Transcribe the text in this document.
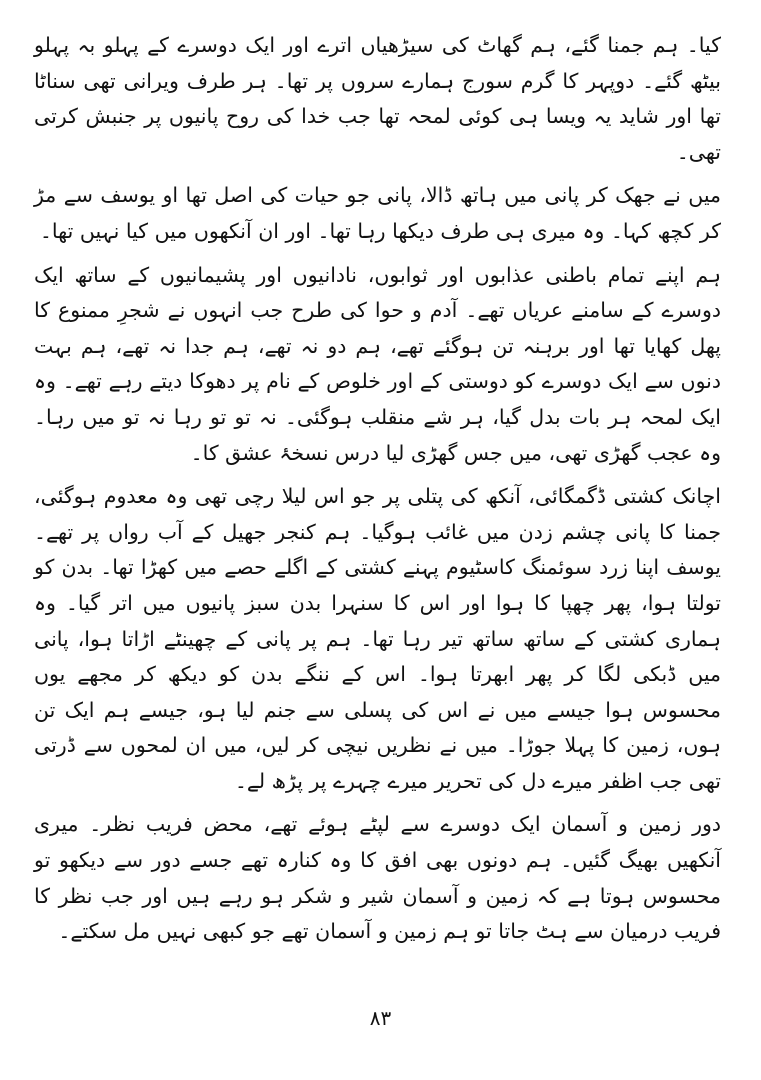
کیا۔ ہم جمنا گئے، ہم گھاٹ کی سیڑھیاں اترے اور ایک دوسرے کے پہلو بہ پہلو بیٹھ گئے۔ دوپہر کا گرم سورج ہمارے سروں پر تھا۔ ہر طرف ویرانی تھی سناٹا تھا اور شاید یہ ویسا ہی کوئی لمحہ تھا جب خدا کی روح پانیوں پر جنبش کرتی تھی۔

میں نے جھک کر پانی میں ہاتھ ڈالا، پانی جو حیات کی اصل تھا او یوسف سے مڑ کر کچھ کہا۔ وہ میری ہی طرف دیکھا رہا تھا۔ اور ان آنکھوں میں کیا نہیں تھا۔

ہم اپنے تمام باطنی عذابوں اور ثوابوں، نادانیوں اور پشیمانیوں کے ساتھ ایک دوسرے کے سامنے عریاں تھے۔ آدم و حوا کی طرح جب انہوں نے شجرِ ممنوع کا پھل کھایا تھا اور برہنہ تن ہوگئے تھے، ہم دو نہ تھے، ہم جدا نہ تھے، ہم بہت دنوں سے ایک دوسرے کو دوستی کے اور خلوص کے نام پر دھوکا دیتے رہے تھے۔ وہ ایک لمحہ ہر بات بدل گیا، ہر شے منقلب ہوگئی۔ نہ تو تو رہا نہ تو میں رہا۔ وہ عجب گھڑی تھی، میں جس گھڑی لیا درس نسخۂ عشق کا۔

اچانک کشتی ڈگمگائی، آنکھ کی پتلی پر جو اس لیلا رچی تھی وہ معدوم ہوگئی، جمنا کا پانی چشم زدن میں غائب ہوگیا۔ ہم کنجر جھیل کے آب رواں پر تھے۔ یوسف اپنا زرد سوئمنگ کاسٹیوم پہنے کشتی کے اگلے حصے میں کھڑا تھا۔ بدن کو تولتا ہوا، پھر چھپا کا ہوا اور اس کا سنہرا بدن سبز پانیوں میں اتر گیا۔ وہ ہماری کشتی کے ساتھ ساتھ تیر رہا تھا۔ ہم پر پانی کے چھینٹے اڑاتا ہوا، پانی میں ڈبکی لگا کر پھر ابھرتا ہوا۔ اس کے ننگے بدن کو دیکھ کر مجھے یوں محسوس ہوا جیسے میں نے اس کی پسلی سے جنم لیا ہو، جیسے ہم ایک تن ہوں، زمین کا پہلا جوڑا۔ میں نے نظریں نیچی کر لیں، میں ان لمحوں سے ڈرتی تھی جب اظفر میرے دل کی تحریر میرے چہرے پر پڑھ لے۔

دور زمین و آسمان ایک دوسرے سے لپٹے ہوئے تھے، محض فریب نظر۔ میری آنکھیں بھیگ گئیں۔ ہم دونوں بھی افق کا وہ کنارہ تھے جسے دور سے دیکھو تو محسوس ہوتا ہے کہ زمین و آسمان شیر و شکر ہو رہے ہیں اور جب نظر کا فریب درمیان سے ہٹ جاتا تو ہم زمین و آسمان تھے جو کبھی نہیں مل سکتے۔

۸۳
